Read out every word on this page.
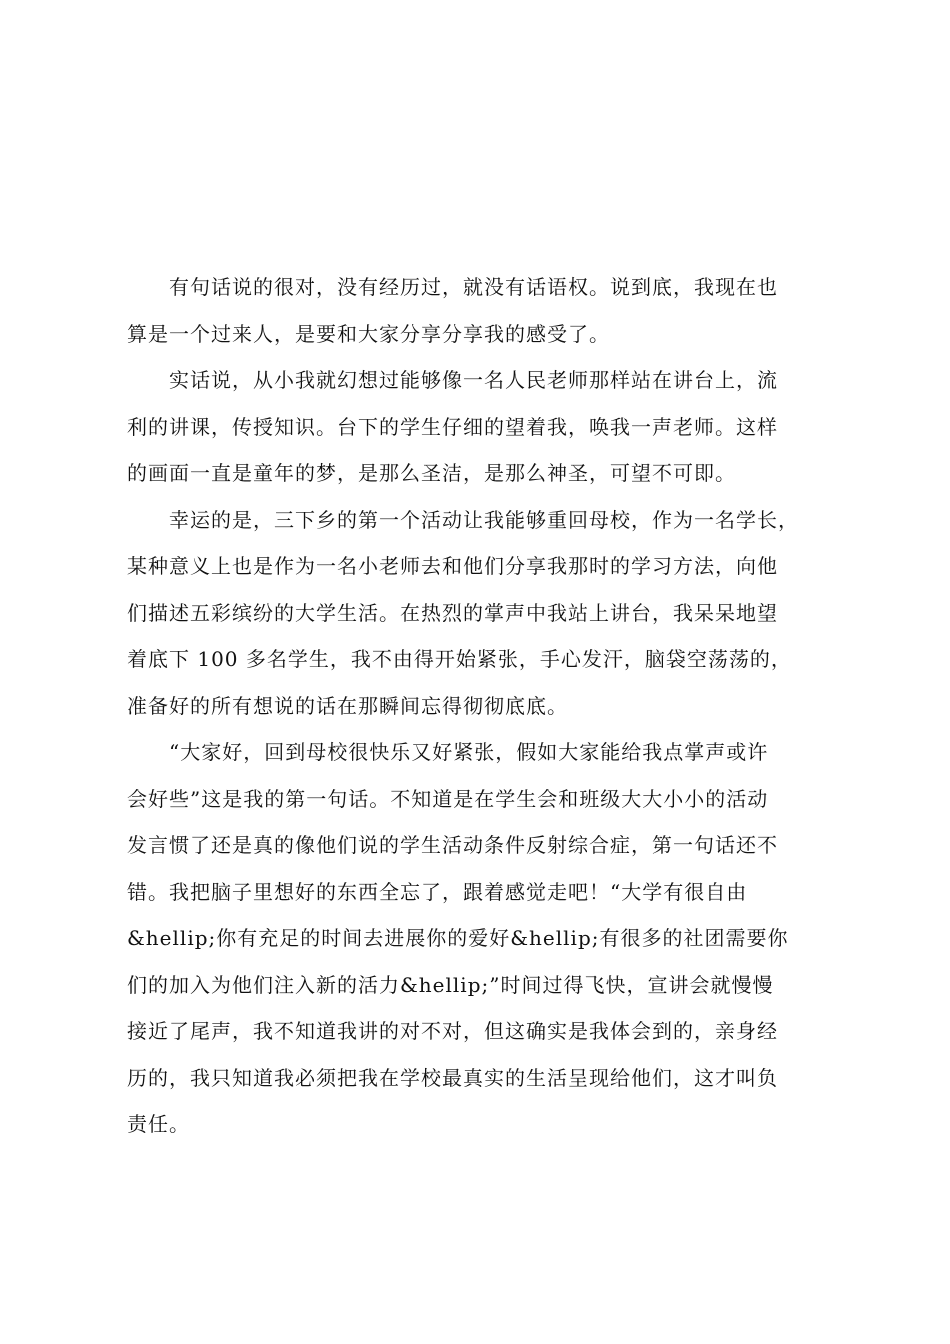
　　有句话说的很对，没有经历过，就没有话语权。说到底，我现在也
算是一个过来人，是要和大家分享分享我的感受了。
　　实话说，从小我就幻想过能够像一名人民老师那样站在讲台上，流
利的讲课，传授知识。台下的学生仔细的望着我，唤我一声老师。这样
的画面一直是童年的梦，是那么圣洁，是那么神圣，可望不可即。
　　幸运的是，三下乡的第一个活动让我能够重回母校，作为一名学长，
某种意义上也是作为一名小老师去和他们分享我那时的学习方法，向他
们描述五彩缤纷的大学生活。在热烈的掌声中我站上讲台，我呆呆地望
着底下 100 多名学生，我不由得开始紧张，手心发汗，脑袋空荡荡的，
准备好的所有想说的话在那瞬间忘得彻彻底底。
　　“大家好，回到母校很快乐又好紧张，假如大家能给我点掌声或许
会好些”这是我的第一句话。不知道是在学生会和班级大大小小的活动
发言惯了还是真的像他们说的学生活动条件反射综合症，第一句话还不
错。我把脑子里想好的东西全忘了，跟着感觉走吧！“大学有很自由
&hellip;你有充足的时间去进展你的爱好&hellip;有很多的社团需要你
们的加入为他们注入新的活力&hellip;”时间过得飞快，宣讲会就慢慢
接近了尾声，我不知道我讲的对不对，但这确实是我体会到的，亲身经
历的，我只知道我必须把我在学校最真实的生活呈现给他们，这才叫负
责任。
